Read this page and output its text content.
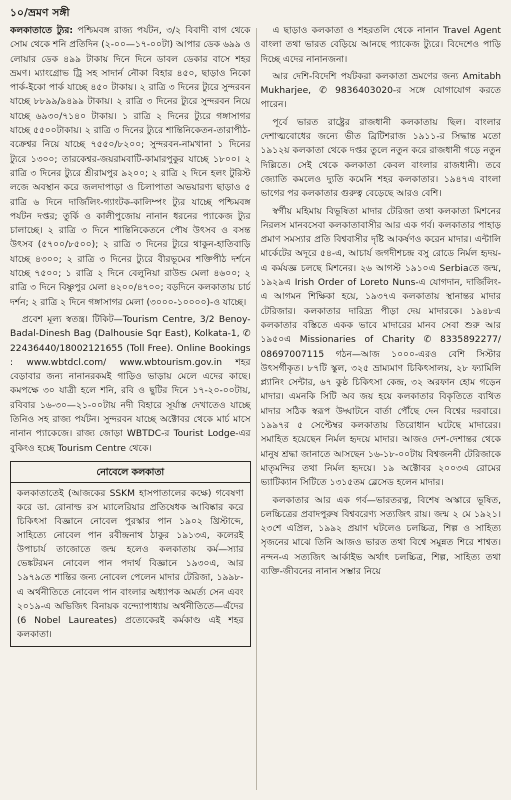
১০/ভ্রমণ সঙ্গী

কলকাতাতে ট্যুর: পশ্চিমবঙ্গ রাজ্য পর্যটন, ৩/২ বিবাদী বাগ থেকে সোম থেকে শনি প্রতিদিন (২-০০—১৭-০০টা) আপার ডেক ৬৯৯ ও লোয়ার ডেক ৪৯৯ টাকায় দিনে দিনে ডাবল ডেকার বাসে শহর ভ্রমণ। ম্যাংগ্রোভ ট্রি সহ সাদার্ন নৌকা বিহার ৪৫০, ছাড়াও নিকো পার্ক-ইকো পার্ক যাচ্ছে ৪৫০ টাকায়। ২ রাত্রি ৩ দিনের ট্যুরে সুন্দরবন যাচ্ছে ৮৮৯৯/৯৪৯৯ টাকায়। ২ রাত্রি ৩ দিনের ট্যুরে সুন্দরবন নিয়ে যাচ্ছে ৬৯৩০/৭১৪০ টাকায়। ১ রাত্রি ২ দিনের ট্যুরে গঙ্গাসাগর যাচ্ছে ৫৫০০টাকায়। ২ রাত্রি ৩ দিনের ট্যুরে শান্তিনিকেতন-তারাপীঠ-বক্রেশ্বর নিয়ে যাচ্ছে ৭৫৫০/৮২০০; সুন্দরবন-নামখানা ১ দিনের ট্যুরে ১৩০০; তারকেশ্বর-জয়রামবাটি-কামারপুকুর যাচ্ছে ১৮০০। ২ রাত্রি ৩ দিনের ট্যুরে শ্রীরামপুর ৯২০০; ২ রাত্রি ২ দিনে হলং টুরিস্ট লজে অবস্থান করে জলদাপাড়া ও চিলাপাতা অভয়ারণ্য ছাড়াও ৫ রাত্রি ৬ দিনে দার্জিলিং-গ্যাংটক-কালিম্পং ট্যুর যাচ্ছে পশ্চিমবঙ্গ পর্যটন দপ্তর; তুর্কি ও কালীপুজোয় নানান ধরনের প্যাকেজ ট্যুর চালাচ্ছে। ২ রাত্রি ৩ দিনে শান্তিনিকেতনে পৌষ উৎসব ও বসন্ত উৎসব (৫৭০০/৮৫০০); ২ রাত্রি ৩ দিনের ট্যুরে থাকুন-হাতিবাড়ি যাচ্ছে ৪৩০০; ২ রাত্রি ৩ দিনের ট্যুরে বীরভূমের শক্তিপীঠ দর্শনে যাচ্ছে ৭৫০০; ১ রাত্রি ২ দিনে বেলুনিয়া রাউন্ড মেলা ৪৬০০; ২ রাত্রি ৩ দিনে বিষ্ণুপুর মেলা ৪২০০/৪৭০০; বড়দিনে কলকাতায় চার্চ দর্শন; ২ রাত্রি ২ দিনে গঙ্গাসাগর মেলা (৩০০০-১০০০০)-ও যাচ্ছে।

প্রবেশ মূল্য স্বতন্ত্র। টিকিট—Tourism Centre, 3/2 Benoy-Badal-Dinesh Bag (Dalhousie Sqr East), Kolkata-1, ✆ 22436440/18002121655 (Toll Free). Online Bookings : www.wbtdcl.com/ www.wbtourism.gov.in শহর বেড়াবার জন্য নানানরকমই গাড়িও ভাড়ায় মেলে এদের কাছে। কমপক্ষে ৩০ যাত্রী হলে শনি, রবি ও ছুটির দিনে ১৭-২০-০০টায়, রবিবার ১৬-৩০—২১-০০টায় নদী বিহারে সূর্যাস্ত দেখাতেও যাচ্ছে তিনিও সহ রাজ্য পর্যটন। সুন্দরবন যাচ্ছে অক্টোবর থেকে মার্চ মাসে নানান প্যাকেজে। রাজ্য জোড়া WBTDC-র Tourist Lodge-এর বুকিংও হচ্ছে Tourism Centre থেকে।

নোবেলে কলকাতা

কলকাতাতেই (আজকের SSKM হাসপাতালের কক্ষে) গবেষণা করে ডা. রোনাল্ড রস ম্যালেরিয়ার প্রতিষেধক আবিষ্কার করে চিকিৎসা বিজ্ঞানে নোবেল পুরস্কার পান ১৯০২ খ্রিস্টাব্দে, সাহিত্যে নোবেল পান রবীন্দ্রনাথ ঠাকুর ১৯১৩এ, কলেরই উপাচার্য তাজোতে জন্ম হলেও কলকাতায় কর্ম—স্যার ভেঙ্কটরমন নোবেল পান পদার্থ বিজ্ঞানে ১৯৩০এ, আর ১৯৭৯তে শান্তির জন্য নোবেল পেলেন মাদার টেরিজা, ১৯৯৮-এ অর্থনীতিতে নোবেল পান বাংলার অধ্যাপক অমর্ত্য সেন এবং ২০১৯-এ অভিজিৎ বিনায়ক বন্দ্যোপাধ্যায় অর্থনীতিতে—এঁদের (6 Nobel Laureates) প্রত্যেকেরই কর্মকাণ্ড এই শহর কলকাতা।

এ ছাড়াও কলকাতা ও শহরতলি থেকে নানান Travel Agent বাংলা তথা ভারত বেড়িয়ে আনছে প্যাকেজ ট্যুরে। বিদেশেও পাড়ি দিচ্ছে এদের নানানজনা।

আর দেশি-বিদেশি পর্যটকরা কলকাতা ভ্রমণের জন্য Amitabh Mukharjee, ✆ 9836403020-র সঙ্গে যোগাযোগ করতে পারেন।

পূর্বে ভারত রাষ্ট্রের রাজধানী কলকাতায় ছিল। বাংলার দেশাত্মবোধের জন্যে ভীত ব্রিটিশরাজ ১৯১১-র সিদ্ধান্ত মতো ১৯১২য় কলকাতা থেকে দপ্তর তুলে নতুন করে রাজধানী গড়ে নতুন দিল্লিতে। সেই থেকে কলকাতা কেবল বাংলার রাজধানী। তবে জ্যোতি কমলেও দ্যুতি কমেনি শহর কলকাতার। ১৯৪৭এ বাংলা ভাগের পর কলকাতার গুরুত্ব বেড়েছে আরও বেশি।

স্বর্গীয় মহিমায় বিভূষিতা মাদার টেরিজা তথা কলকাতা মিশনের নিরলস মানবসেবা কলকাতাবাসীর আর এক গর্ব। কলকাতার পাহাড় প্রমাণ সমস্যার প্রতি বিশ্ববাসীর দৃষ্টি আকর্ষণও করেন মাদার। এন্টালি মার্কেটের অদূরে ৫৪-এ, আচার্য জগদীশচন্দ্র বসু রোডে নির্মল হৃদয়-এ কর্মযজ্ঞ চলছে মিশনের। ২৬ আগস্ট ১৯১০এ Serbiaতে জন্ম, ১৯২৯এ Irish Order of Loreto Nuns-এ যোগদান, দার্জিলিং-এ আগমন শিক্ষিকা হয়ে, ১৯৩৭এ কলকাতায় স্থানান্তর মাদার টেরিজার। কলকাতার দারিদ্র্য পীড়া দেয় মাদারকে। ১৯৪৮এ কলকাতার বস্তিতে একক ভাবে মাদারের মানব সেবা শুরু আর ১৯৫০এ Missionaries of Charity ✆ 8335892277/ 08697007115 গঠন—আজ ১০০০-এরও বেশি সিস্টার উৎসর্গীকৃত। ৮৭টি স্কুল, ৩২৫ ভ্রাম্যমাণ চিকিৎসালয়, ২৮ ফ্যামিলি প্ল্যানিং সেন্টার, ৬৭ কুষ্ঠ চিকিৎসা কেন্দ্র, ৩২ অরফান হোম গড়েন মাদার। এমনকি সিটি অব জয় হয়ে কলকাতার বিকৃতিতে ব্যথিত মাদার সঠিক স্বরূপ উদ্ঘাটনে বার্তা পৌঁছে দেন বিশ্বের দরবারে। ১৯৯৭র ৫ সেপ্টেম্বর কলকাতায় তিরোধান ঘটেছে মাদারের। সমাহিত হয়েছেন নির্মল হৃদয়ে মাদার। আজও দেশ-দেশান্তর থেকে মানুষ শ্রদ্ধা জানাতে আসছেন ১৬-১৮-০০টায় বিশ্বজননী টেরিজাকে মাতৃমন্দির তথা নির্মল হৃদয়ে। ১৯ অক্টোবর ২০০৩এ রোমের ভ্যাটিক্যান সিটিতে ১৩১৫তম ব্লেসেড হলেন মাদার।

কলকাতার আর এক গর্ব—ভারতরত্ন, বিশেষ অস্কারে ভূষিত, চলচ্চিত্রের প্রবাদপুরুষ বিশ্ববরেণ্য সত্যজিৎ রায়। জন্ম ২ মে ১৯২১। ২৩শে এপ্রিল, ১৯৯২ প্রয়াণ ঘটলেও চলচ্চিত্র, শিল্প ও সাহিত্য সৃজনের মাঝে তিনি আজও ভারত তথা বিশ্বে সমুন্নত শিরে শাশ্বত। নন্দন-এ সত্যজিৎ আর্কাইভ অর্থাৎ চলচ্চিত্র, শিল্প, সাহিত্য তথা ব্যক্তি-জীবনের নানান সম্ভার নিয়ে
